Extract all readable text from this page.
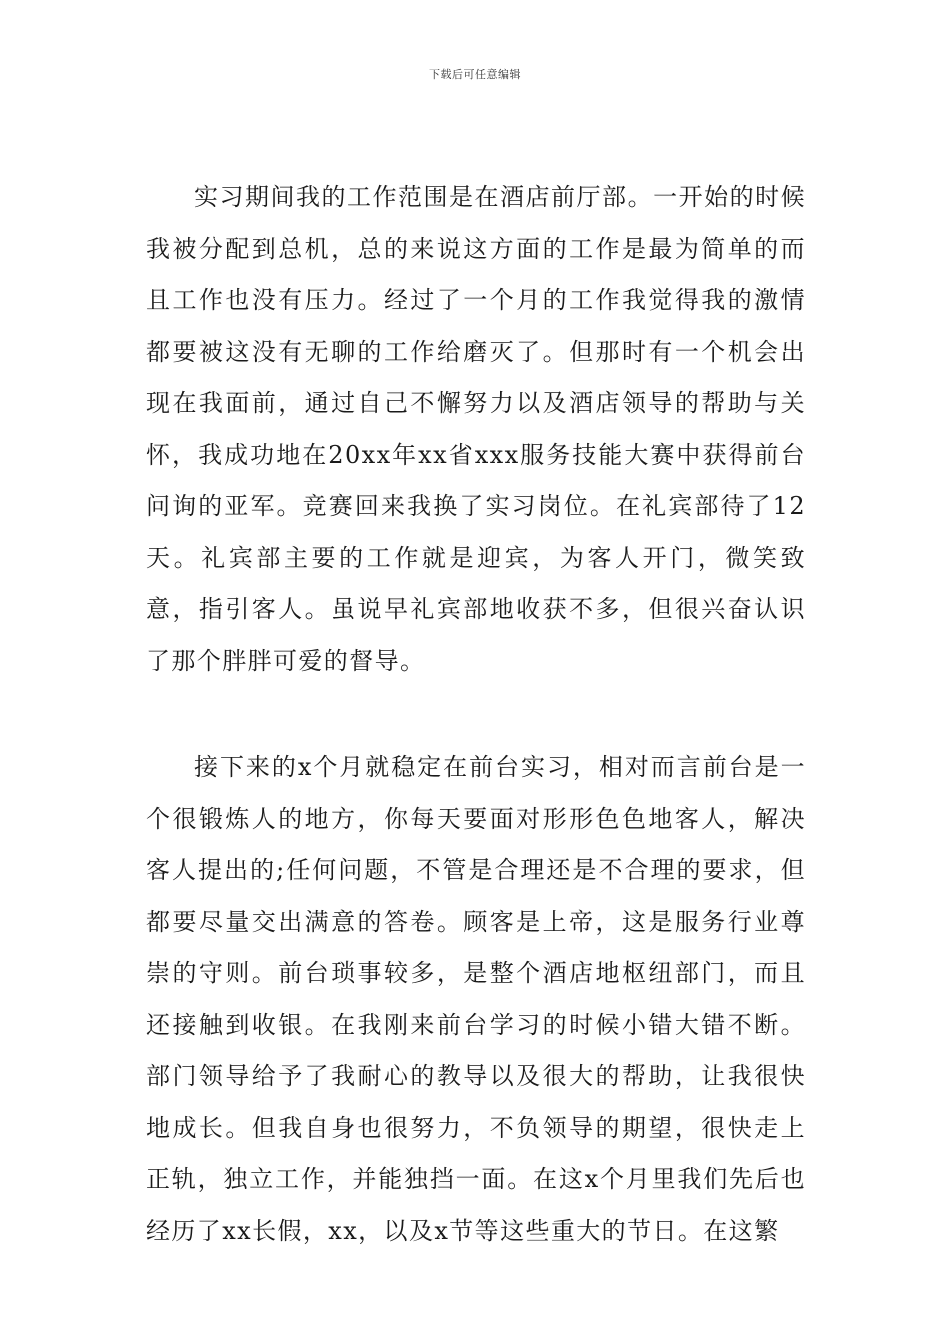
下载后可任意编辑

实习期间我的工作范围是在酒店前厅部。一开始的时候我被分配到总机，总的来说这方面的工作是最为简单的而且工作也没有压力。经过了一个月的工作我觉得我的激情都要被这没有无聊的工作给磨灭了。但那时有一个机会出现在我面前，通过自己不懈努力以及酒店领导的帮助与关怀，我成功地在20xx年xx省xxx服务技能大赛中获得前台问询的亚军。竞赛回来我换了实习岗位。在礼宾部待了12天。礼宾部主要的工作就是迎宾，为客人开门，微笑致意，指引客人。虽说早礼宾部地收获不多，但很兴奋认识了那个胖胖可爱的督导。

接下来的x个月就稳定在前台实习，相对而言前台是一个很锻炼人的地方，你每天要面对形形色色地客人，解决客人提出的;任何问题，不管是合理还是不合理的要求，但都要尽量交出满意的答卷。顾客是上帝，这是服务行业尊崇的守则。前台琐事较多，是整个酒店地枢纽部门，而且还接触到收银。在我刚来前台学习的时候小错大错不断。部门领导给予了我耐心的教导以及很大的帮助，让我很快地成长。但我自身也很努力，不负领导的期望，很快走上正轨，独立工作，并能独挡一面。在这x个月里我们先后也经历了xx长假，xx，以及x节等这些重大的节日。在这繁
